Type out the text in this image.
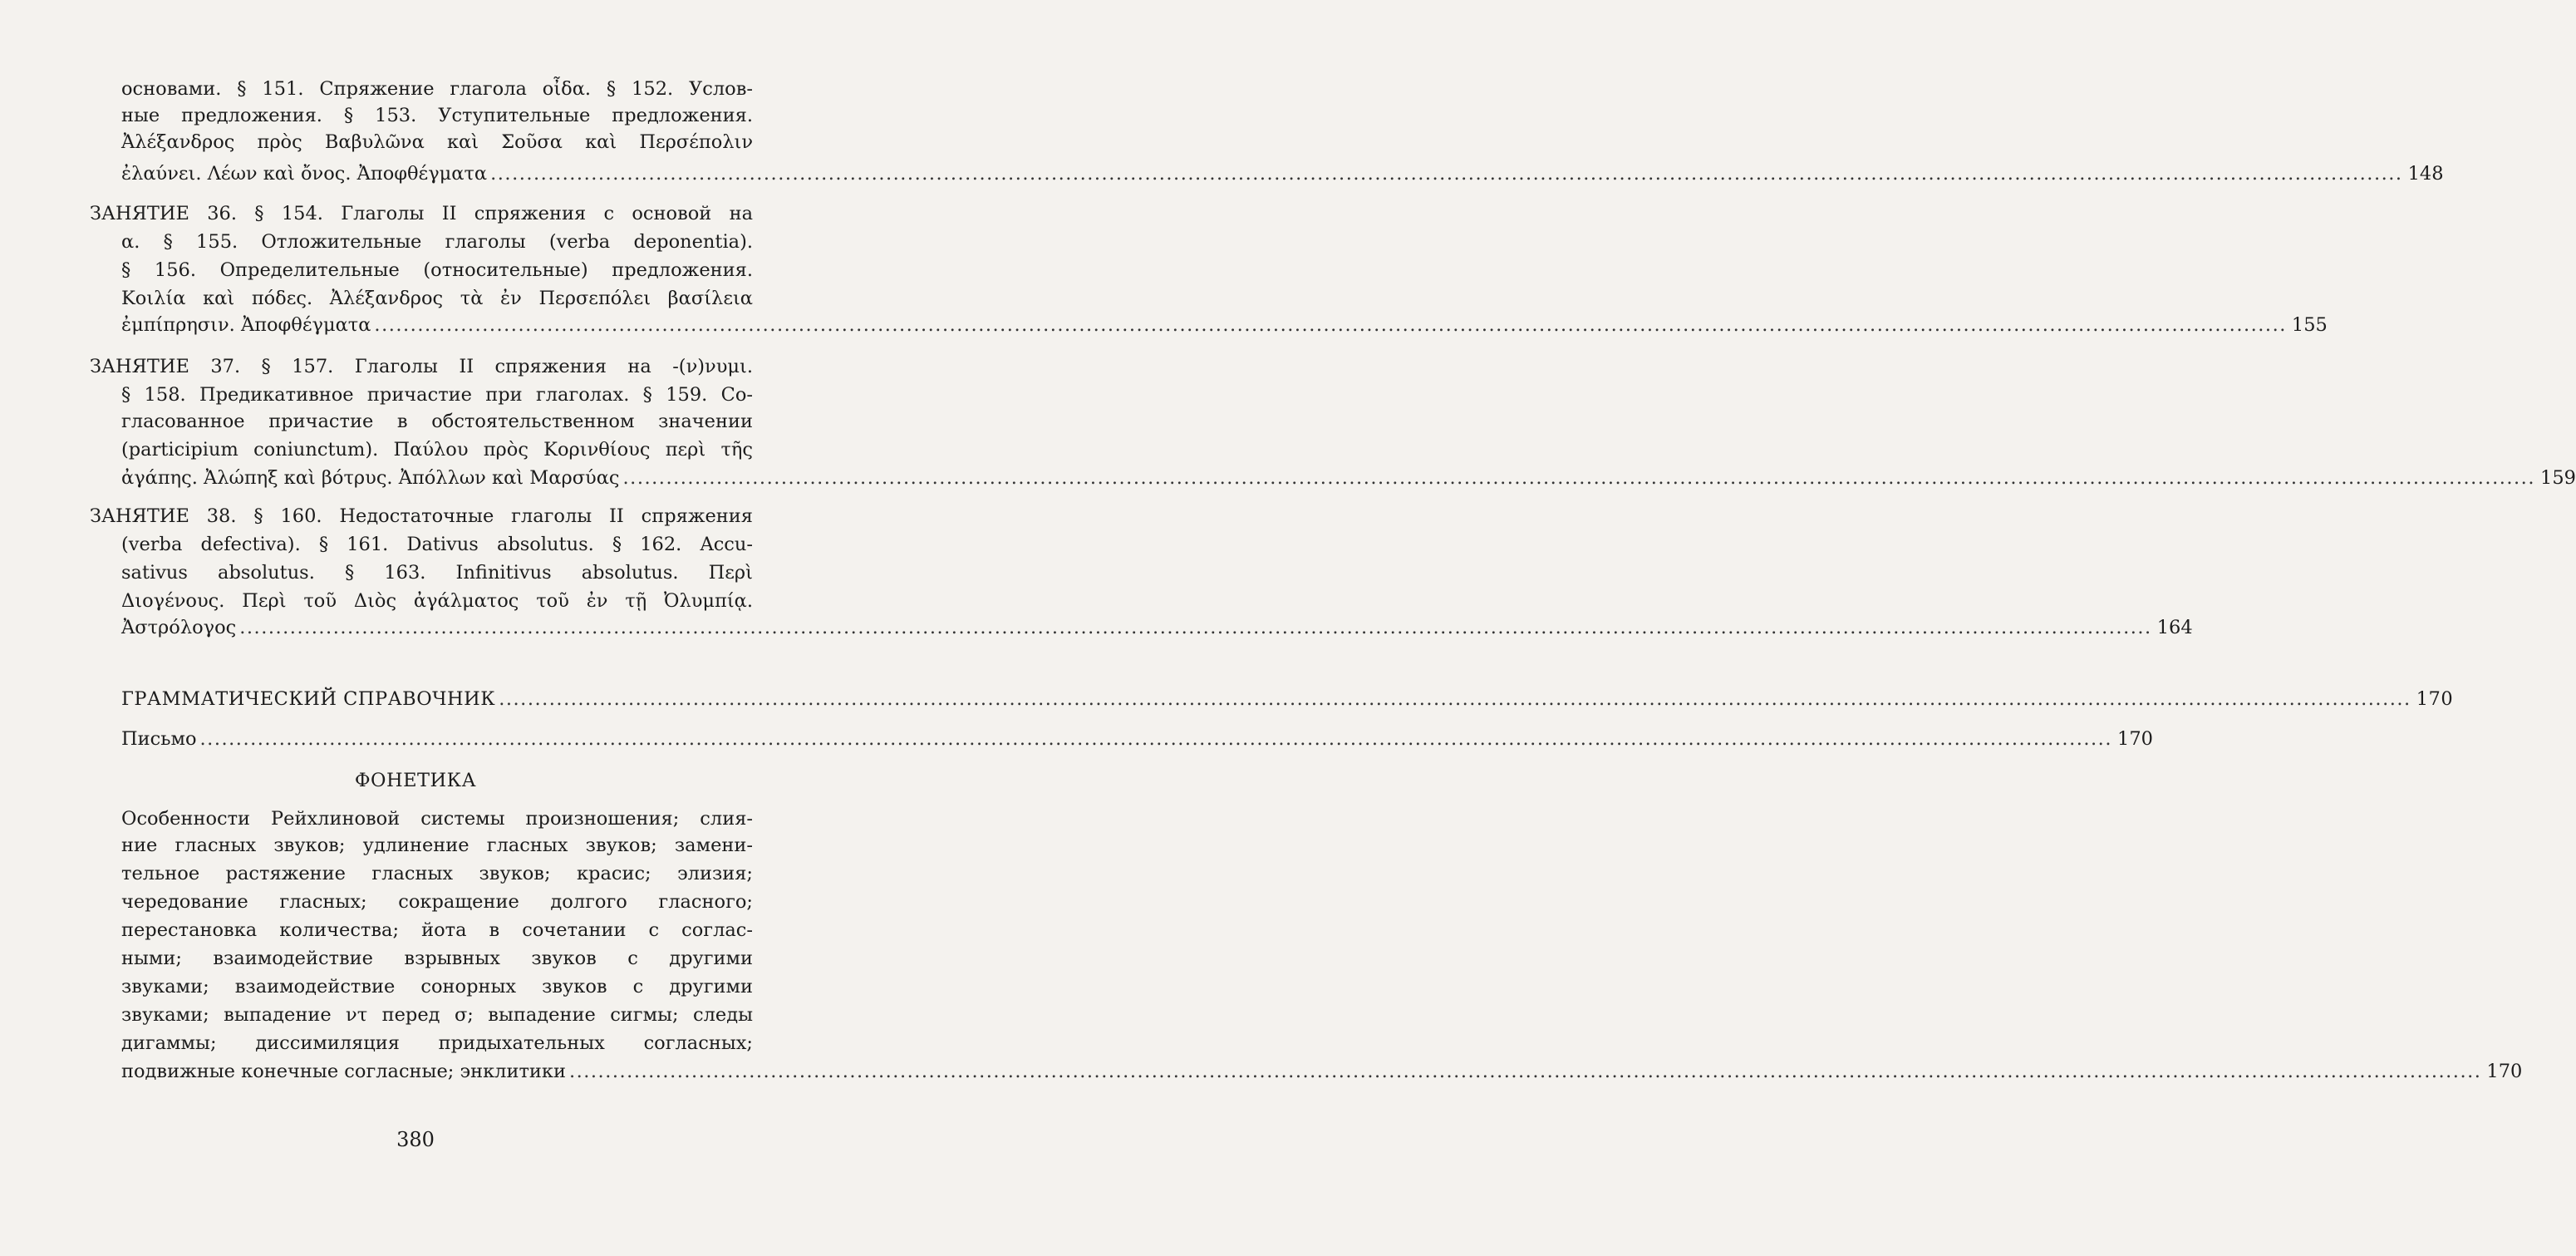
основами. § 151. Спряжение глагола οἶδα. § 152. Услов-
ные предложения. § 153. Уступительные предложения.
Ἀλέξανδρος πρὸς Βαβυλῶνα καὶ Σοῦσα καὶ Περσέπολιν
ἐλαύνει. Λέων καὶ ὄνος. Ἀποφθέγματα .......................................................................................................................................................................................................................................................................... 148
ЗАНЯТИЕ 36. § 154. Глаголы II спряжения с основой на
α. § 155. Отложительные глаголы (verba deponentia).
§ 156. Определительные (относительные) предложения.
Κοιλία καὶ πόδες. Ἀλέξανδρος τὰ ἐν Περσεπόλει βασίλεια
ἐμπίπρησιν. Ἀποφθέγματα .......................................................................................................................................................................................................................................................................... 155
ЗАНЯТИЕ 37. § 157. Глаголы II спряжения на -(ν)νυμι.
§ 158. Предикативное причастие при глаголах. § 159. Со-
гласованное причастие в обстоятельственном значении
(participium coniunctum). Παύλου πρὸς Κορινθίους περὶ τῆς
ἀγάπης. Ἀλώπηξ καὶ βότρυς. Ἀπόλλων καὶ Μαρσύας .......................................................................................................................................................................................................................................................................... 159
ЗАНЯТИЕ 38. § 160. Недостаточные глаголы II спряжения
(verba defectiva). § 161. Dativus absolutus. § 162. Accu-
sativus absolutus. § 163. Infinitivus absolutus. Περὶ
Διογένους. Περὶ τοῦ Διὸς ἀγάλματος τοῦ ἐν τῇ Ὀλυμπίᾳ.
Ἀστρόλογος .......................................................................................................................................................................................................................................................................... 164
ГРАММАТИЧЕСКИЙ СПРАВОЧНИК .......................................................................................................................................................................................................................................................................... 170
Письмо .......................................................................................................................................................................................................................................................................... 170
ФОНЕТИКА
Особенности Рейхлиновой системы произношения; слия-
ние гласных звуков; удлинение гласных звуков; замени-
тельное растяжение гласных звуков; красис; элизия;
чередование гласных; сокращение долгого гласного;
перестановка количества; йота в сочетании с соглас-
ными; взаимодействие взрывных звуков с другими
звуками; взаимодействие сонорных звуков с другими
звуками; выпадение ντ перед σ; выпадение сигмы; следы
дигаммы; диссимиляция придыхательных согласных;
подвижные конечные согласные; энклитики .......................................................................................................................................................................................................................................................................... 170
380
